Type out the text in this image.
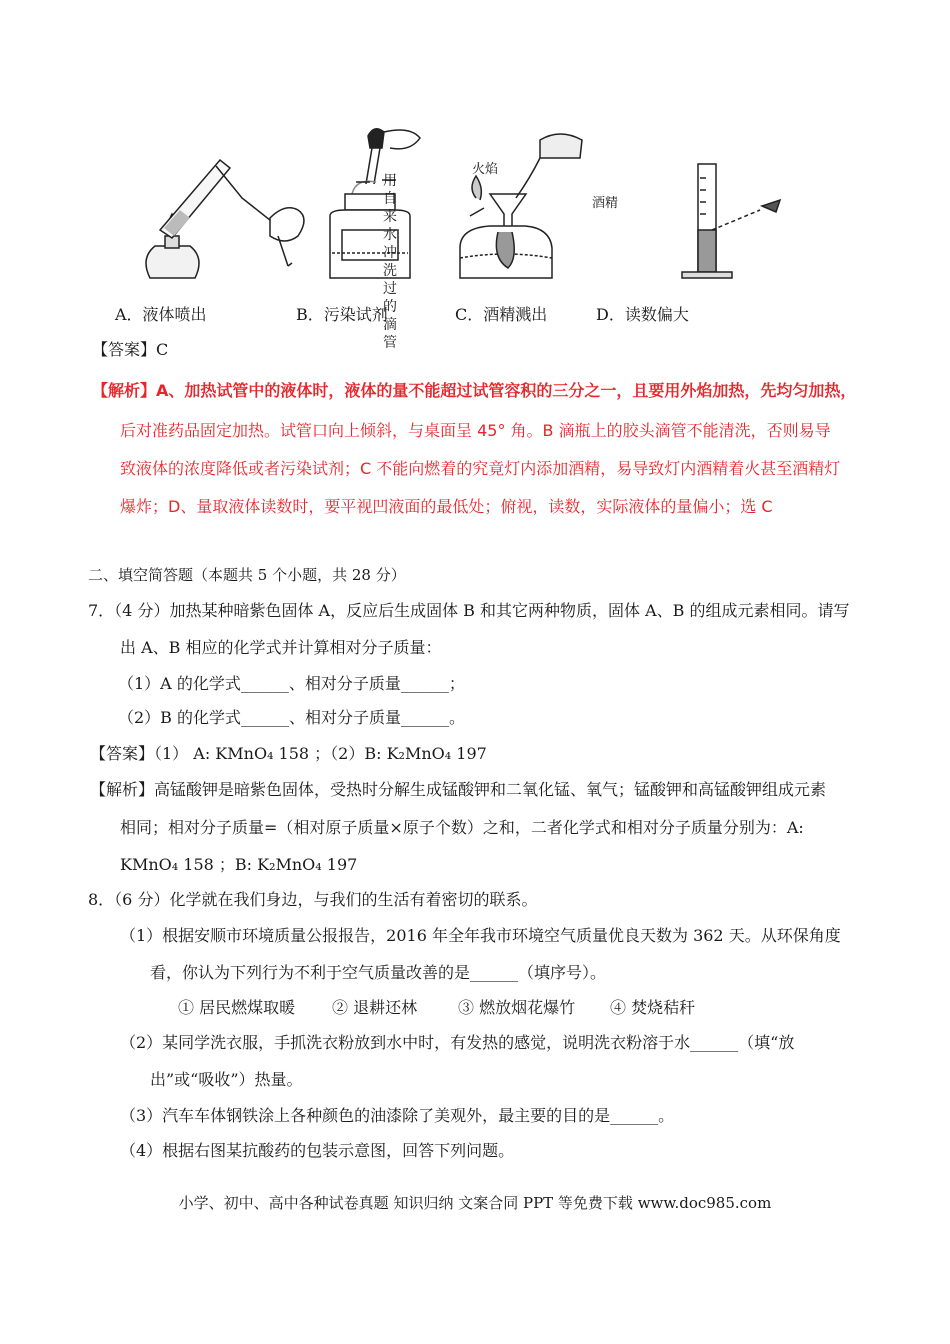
用自
来水
冲洗
过的
滴管
火焰
酒精
A．液体喷出	B．污染试剂	C．酒精溅出	D．读数偏大
【答案】C
【解析】A、加热试管中的液体时，液体的量不能超过试管容积的三分之一，且要用外焰加热，先均匀加热，
后对准药品固定加热。试管口向上倾斜，与桌面呈 45° 角。B 滴瓶上的胶头滴管不能清洗，否则易导
致液体的浓度降低或者污染试剂；C 不能向燃着的究竟灯内添加酒精，易导致灯内酒精着火甚至酒精灯
爆炸；D、量取液体读数时，要平视凹液面的最低处；俯视，读数，实际液体的量偏小；选 C
二、填空简答题（本题共 5 个小题，共 28 分）
7．（4 分）加热某种暗紫色固体 A，反应后生成固体 B 和其它两种物质，固体 A、B 的组成元素相同。请写
出 A、B 相应的化学式并计算相对分子质量：
（1）A 的化学式______、相对分子质量______；
（2）B 的化学式______、相对分子质量______。
【答案】（1） A: KMnO₄ 158 ；（2）B: K₂MnO₄ 197
【解析】高锰酸钾是暗紫色固体，受热时分解生成锰酸钾和二氧化锰、氧气；锰酸钾和高锰酸钾组成元素
相同；相对分子质量=（相对原子质量×原子个数）之和，二者化学式和相对分子质量分别为：A:
KMnO₄ 158 ；B: K₂MnO₄ 197
8．（6 分）化学就在我们身边，与我们的生活有着密切的联系。
（1）根据安顺市环境质量公报报告，2016 年全年我市环境空气质量优良天数为 362 天。从环保角度
看，你认为下列行为不利于空气质量改善的是______（填序号）。
① 居民燃煤取暖 ② 退耕还林	③ 燃放烟花爆竹 ④ 焚烧秸秆
（2）某同学洗衣服，手抓洗衣粉放到水中时，有发热的感觉，说明洗衣粉溶于水______（填“放
出”或“吸收”）热量。
（3）汽车车体钢铁涂上各种颜色的油漆除了美观外，最主要的目的是______。
（4）根据右图某抗酸药的包装示意图，回答下列问题。
小学、初中、高中各种试卷真题 知识归纳 文案合同 PPT 等免费下载 www.doc985.com
